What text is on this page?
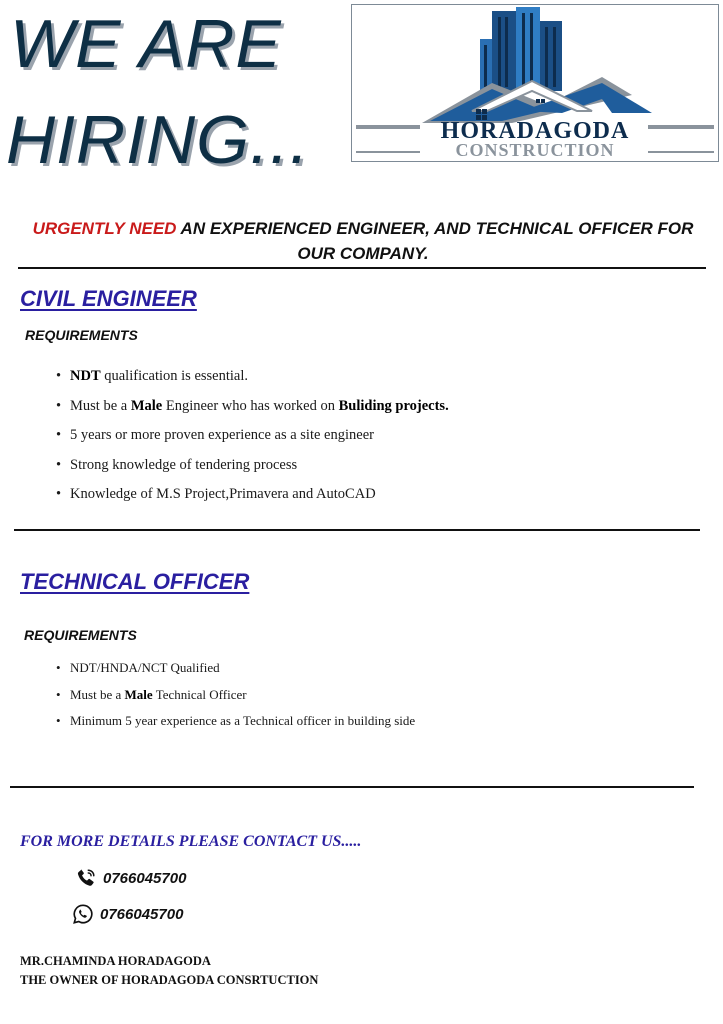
WE ARE
HIRING...	HORADAGODA
CONSTRUCTION
URGENTLY NEED AN EXPERIENCED ENGINEER, AND TECHNICAL OFFICER FOR OUR COMPANY.
CIVIL ENGINEER
REQUIREMENTS
• NDT qualification is essential.
• Must be a Male Engineer who has worked on Buliding projects.
• 5 years or more proven experience as a site engineer
• Strong knowledge of tendering process
• Knowledge of M.S Project,Primavera and AutoCAD
TECHNICAL OFFICER
REQUIREMENTS
• NDT/HNDA/NCT Qualified
• Must be a Male Technical Officer
• Minimum 5 year experience as a Technical officer in building side
FOR MORE DETAILS PLEASE CONTACT US.....
0766045700
0766045700
MR.CHAMINDA HORADAGODA
THE OWNER OF HORADAGODA CONSRTUCTION
